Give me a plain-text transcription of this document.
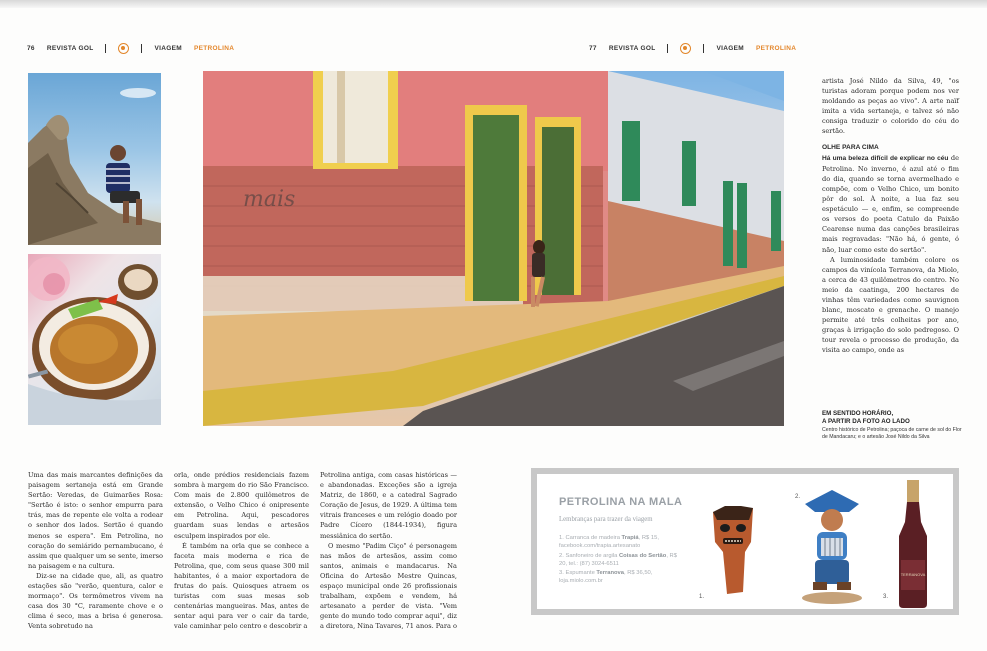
76 REVISTA GOL	VIAGEM PETROLINA	77 REVISTA GOL	VIAGEM PETROLINA
mais

artista José Nildo da Silva, 49, "os turistas adoram porque podem nos ver moldando as peças ao vivo". A arte naïf imita a vida sertaneja, e talvez só não consiga traduzir o colorido do céu do sertão.

OLHE PARA CIMA

Há uma beleza difícil de explicar no céu de Petrolina. No inverno, é azul até o fim do dia, quando se torna avermelhado e compõe, com o Velho Chico, um bonito pôr do sol. À noite, a lua faz seu espetáculo — e, enfim, se compreende os versos do poeta Catulo da Paixão Cearense numa das canções brasileiras mais regravadas: "Não há, ó gente, ó não, luar como este do sertão".

A luminosidade também colore os campos da vinícola Terranova, da Miolo, a cerca de 43 quilômetros do centro. No meio da caatinga, 200 hectares de vinhas têm variedades como sauvignon blanc, moscato e grenache. O manejo permite até três colheitas por ano, graças à irrigação do solo pedregoso. O tour revela o processo de produção, da visita ao campo, onde as

EM SENTIDO HORÁRIO,
A PARTIR DA FOTO AO LADO
Centro histórico de Petrolina; paçoca de carne de sol do Flor de Mandacaru; e o artesão José Nildo da Silva

Uma das mais marcantes definições da paisagem sertaneja está em Grande Sertão: Veredas, de Guimarães Rosa: "Sertão é isto: o senhor empurra para trás, mas de repente ele volta a rodear o senhor dos lados. Sertão é quando menos se espera". Em Petrolina, no coração do semiárido pernambucano, é assim que qualquer um se sente, imerso na paisagem e na cultura.

Diz-se na cidade que, ali, as quatro estações são "verão, quentura, calor e mormaço". Os termômetros vivem na casa dos 30 °C, raramente chove e o clima é seco, mas a brisa é generosa. Venta sobretudo na

orla, onde prédios residenciais fazem sombra à margem do rio São Francisco. Com mais de 2.800 quilômetros de extensão, o Velho Chico é onipresente em Petrolina. Aqui, pescadores guardam suas lendas e artesãos esculpem inspirados por ele.

É também na orla que se conhece a faceta mais moderna e rica de Petrolina, que, com seus quase 300 mil habitantes, é a maior exportadora de frutas do país. Quiosques atraem os turistas com suas mesas sob centenárias mangueiras. Mas, antes de sentar aqui para ver o cair da tarde, vale caminhar pelo centro e descobrir a

Petrolina antiga, com casas históricas — e abandonadas. Exceções são a igreja Matriz, de 1860, e a catedral Sagrado Coração de Jesus, de 1929. A última tem vitrais franceses e um relógio doado por Padre Cícero (1844-1934), figura messiânica do sertão.

O mesmo "Padim Ciço" é personagem nas mãos de artesãos, assim como santos, animais e mandacarus. Na Oficina do Artesão Mestre Quincas, espaço municipal onde 26 profissionais trabalham, expõem e vendem, há artesanato a perder de vista. "Vem gente do mundo todo comprar aqui", diz a diretora, Nina Tavares, 71 anos. Para o

PETROLINA NA MALA
Lembranças para trazer da viagem
1. Carranca de madeira Trapiá, R$ 15, facebook.com/trapia.artesanato
2. Sanfoneiro de argila Coisas do Sertão, R$ 20, tel.: (87) 3024-6511
3. Espumante Terranova, R$ 36,50, loja.miolo.com.br
1.
2.
TERRANOVA
3.
